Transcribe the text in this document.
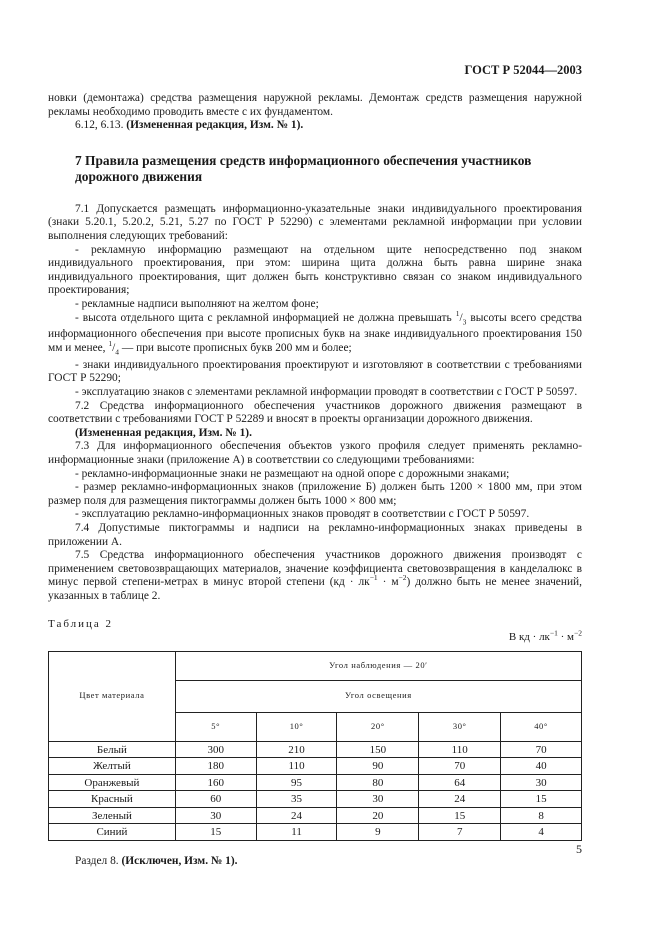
ГОСТ Р 52044—2003

новки (демонтажа) средства размещения наружной рекламы. Демонтаж средств размещения наружной рекламы необходимо проводить вместе с их фундаментом.

6.12, 6.13. (Измененная редакция, Изм. № 1).

7 Правила размещения средств информационного обеспечения участников дорожного движения

7.1 Допускается размещать информационно-указательные знаки индивидуального проектирования (знаки 5.20.1, 5.20.2, 5.21, 5.27 по ГОСТ Р 52290) с элементами рекламной информации при условии выполнения следующих требований:

- рекламную информацию размещают на отдельном щите непосредственно под знаком индивидуального проектирования, при этом: ширина щита должна быть равна ширине знака индивидуального проектирования, щит должен быть конструктивно связан со знаком индивидуального проектирования;

- рекламные надписи выполняют на желтом фоне;

- высота отдельного щита с рекламной информацией не должна превышать $^1/_3$ высоты всего средства информационного обеспечения при высоте прописных букв на знаке индивидуального проектирования 150 мм и менее, $^1/_4$ — при высоте прописных букв 200 мм и более;

- знаки индивидуального проектирования проектируют и изготовляют в соответствии с требованиями ГОСТ Р 52290;

- эксплуатацию знаков с элементами рекламной информации проводят в соответствии с ГОСТ Р 50597.

7.2 Средства информационного обеспечения участников дорожного движения размещают в соответствии с требованиями ГОСТ Р 52289 и вносят в проекты организации дорожного движения.

(Измененная редакция, Изм. № 1).

7.3 Для информационного обеспечения объектов узкого профиля следует применять рекламно-информационные знаки (приложение А) в соответствии со следующими требованиями:

- рекламно-информационные знаки не размещают на одной опоре с дорожными знаками;

- размер рекламно-информационных знаков (приложение Б) должен быть 1200 × 1800 мм, при этом размер поля для размещения пиктограммы должен быть 1000 × 800 мм;

- эксплуатацию рекламно-информационных знаков проводят в соответствии с ГОСТ Р 50597.

7.4 Допустимые пиктограммы и надписи на рекламно-информационных знаках приведены в приложении А.

7.5 Средства информационного обеспечения участников дорожного движения производят с применением световозвращающих материалов, значение коэффициента световозвращения в канделалюкс в минус первой степени-метрах в минус второй степени $(кд \cdot лк^{-1} \cdot м^{-2})$ должно быть не менее значений, указанных в таблице 2.

Таблица 2
В кд · $лк^{-1} \cdot м^{-2}$
Цвет материала	Угол наблюдения — 20′				
	Угол освещения				
	5°	10°	20°	30°	40°
Белый	300	210	150	110	70
Желтый	180	110	90	70	40
Оранжевый	160	95	80	64	30
Красный	60	35	30	24	15
Зеленый	30	24	20	15	8
Синий	15	11	9	7	4

Раздел 8. (Исключен, Изм. № 1).

5
